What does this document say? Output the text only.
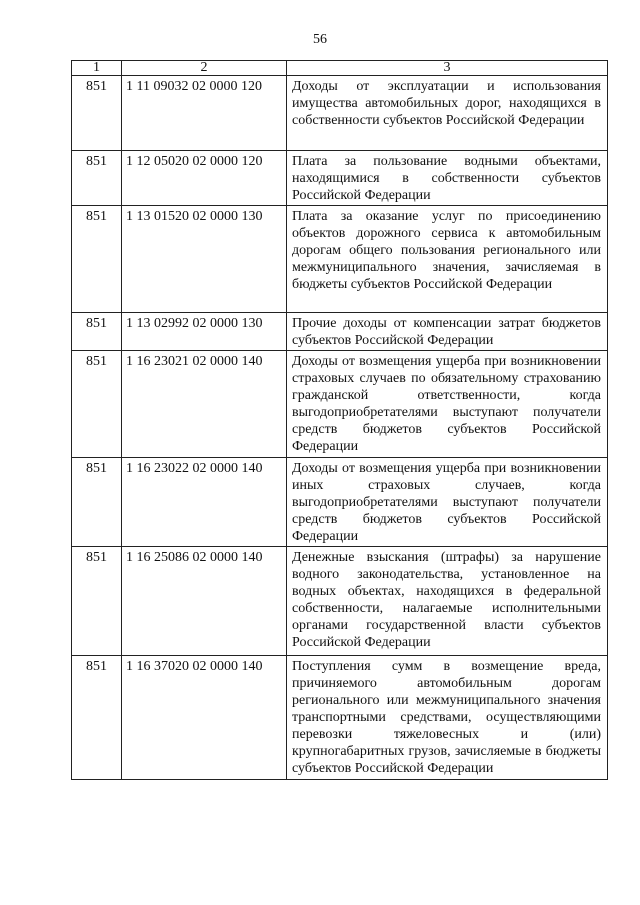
56
1	2	3
851	1 11 09032 02 0000 120	Доходы от эксплуатации и использования имущества автомобильных дорог, находящихся в собственности субъектов Российской Федерации
851	1 12 05020 02 0000 120	Плата за пользование водными объектами, находящимися в собственности субъектов Российской Федерации
851	1 13 01520 02 0000 130	Плата за оказание услуг по присоединению объектов дорожного сервиса к автомобильным дорогам общего пользования регионального или межмуниципального значения, зачисляемая в бюджеты субъектов Российской Федерации
851	1 13 02992 02 0000 130	Прочие доходы от компенсации затрат бюджетов субъектов Российской Федерации
851	1 16 23021 02 0000 140	Доходы от возмещения ущерба при возникновении страховых случаев по обязательному страхованию гражданской ответственности, когда выгодоприобретателями выступают получатели средств бюджетов субъектов Российской Федерации
851	1 16 23022 02 0000 140	Доходы от возмещения ущерба при возникновении иных страховых случаев, когда выгодоприобретателями выступают получатели средств бюджетов субъектов Российской Федерации
851	1 16 25086 02 0000 140	Денежные взыскания (штрафы) за нарушение водного законодательства, установленное на водных объектах, находящихся в федеральной собственности, налагаемые исполнительными органами государственной власти субъектов Российской Федерации
851	1 16 37020 02 0000 140	Поступления сумм в возмещение вреда, причиняемого автомобильным дорогам регионального или межмуниципального значения транспортными средствами, осуществляющими перевозки тяжеловесных и (или) крупногабаритных грузов, зачисляемые в бюджеты субъектов Российской Федерации
